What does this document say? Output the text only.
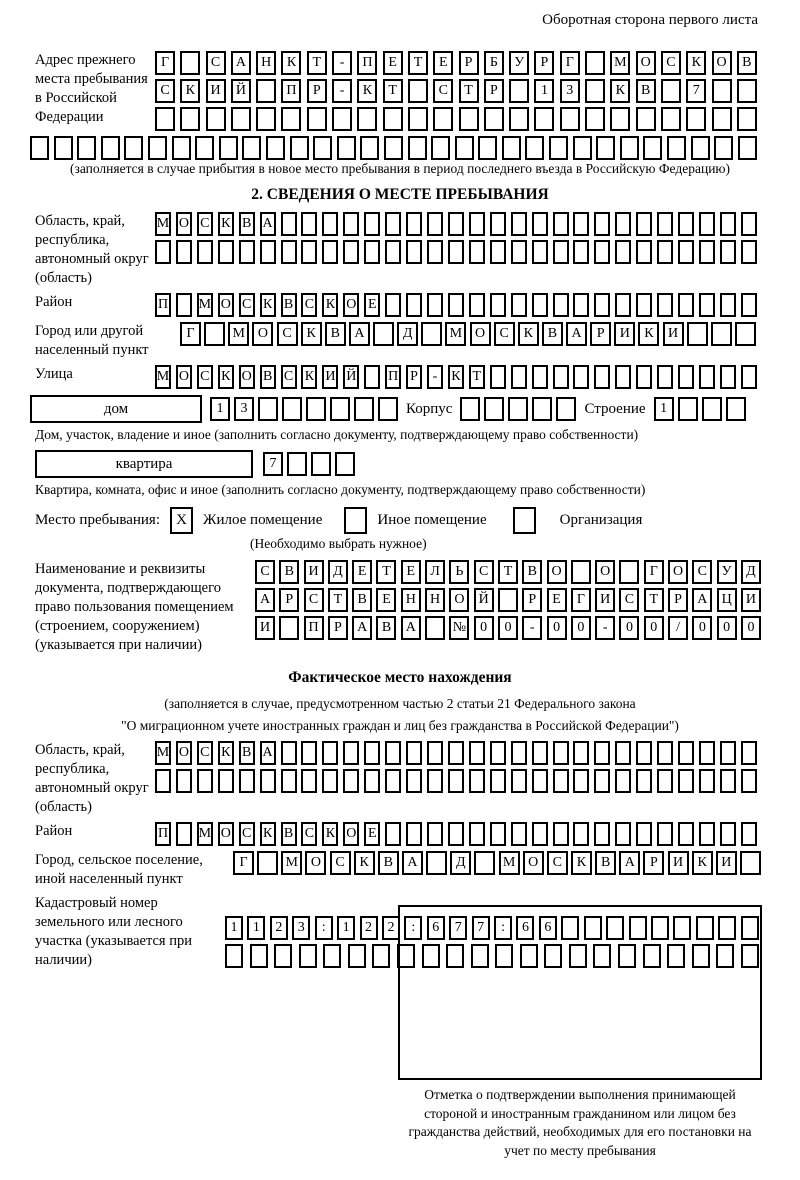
Оборотная сторона первого листа
Адрес прежнего места пребывания в Российской Федерации
Г	С	А	Н	К	Т	-	П	Е	Т	Е	Р	Б	У	Р	Г	М	О	С	К	О	В
С	К	И	Й	П	Р	-	К	Т	С	Т	Р	1	3	К	В	7
(заполняется в случае прибытия в новое место пребывания в период последнего въезда в Российскую Федерацию)
2. СВЕДЕНИЯ О МЕСТЕ ПРЕБЫВАНИЯ
Область, край, республика, автономный округ (область)
М О С К В А
Район	П М О С К В С К О Е
Город или другой населенный пункт
Г	М О	С	К	В	А	Д	М О	С	К	В	А	Р	И	К	И
Улица	М О С К О В С К И Й П Р	- К Т
дом	1	3	Корпус	Строение	1
Дом, участок, владение и иное (заполнить согласно документу, подтверждающему право собственности)
квартира	7
Квартира, комната, офис и иное (заполнить согласно документу, подтверждающему право собственности)
Место пребывания:	X	Жилое помещение	Иное помещение	Организация
(Необходимо выбрать нужное)
Наименование и реквизиты документа, подтверждающего право пользования помещением (строением, сооружением) (указывается при наличии)
С	В	И	Д	Е	Т	Е	Л	Ь	С	Т	В	О	О	Г	О	С	У	Д
А	Р	С	Т	В	Е	Н	Н	О	Й	Р	Е	Г	И	С	Т	Р	А	Ц	И
И	П	Р	А	В	А	№	0	0	-	0	0	-	0	0	/	0	0	0
Фактическое место нахождения
(заполняется в случае, предусмотренном частью 2 статьи 21 Федерального закона
"О миграционном учете иностранных граждан и лиц без гражданства в Российской Федерации")
Область, край, республика, автономный округ (область)
М О С К В А
Район	П М О С К В С К О Е
Город, сельское поселение, иной населенный пункт
Г	М О	С	К	В	А	Д	М О	С	К	В	А	Р	И	К	И
Кадастровый номер земельного или лесного участка (указывается при наличии)
1	1	2	3	:	1	2	2	:	6	7	7	:	6	6
Отметка о подтверждении выполнения принимающей стороной и иностранным гражданином или лицом без гражданства действий, необходимых для его постановки на учет по месту пребывания
